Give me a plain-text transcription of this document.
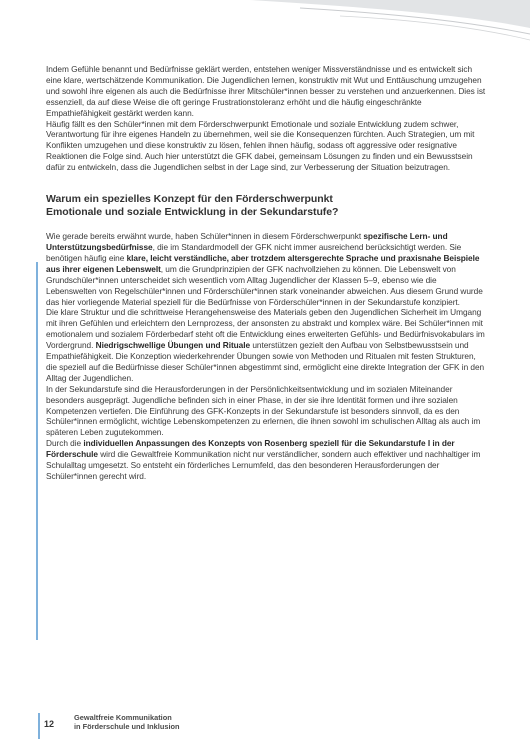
Indem Gefühle benannt und Bedürfnisse geklärt werden, entstehen weniger Missverständnisse und es entwickelt sich eine klare, wertschätzende Kommunikation. Die Jugendlichen lernen, konstruktiv mit Wut und Enttäuschung umzugehen und sowohl ihre eigenen als auch die Bedürfnisse ihrer Mitschüler*innen besser zu verstehen und anzuerkennen. Dies ist essenziell, da auf diese Weise die oft geringe Frustrationstoleranz erhöht und die häufig eingeschränkte Empathiefähigkeit gestärkt werden kann.

Häufig fällt es den Schüler*innen mit dem Förderschwerpunkt Emotionale und soziale Entwicklung zudem schwer, Verantwortung für ihre eigenes Handeln zu übernehmen, weil sie die Konsequenzen fürchten. Auch Strategien, um mit Konflikten umzugehen und diese konstruktiv zu lösen, fehlen ihnen häufig, sodass oft aggressive oder resignative Reaktionen die Folge sind. Auch hier unterstützt die GFK dabei, gemeinsam Lösungen zu finden und ein Bewusstsein dafür zu entwickeln, dass die Jugendlichen selbst in der Lage sind, zur Verbesserung der Situation beizutragen.

Warum ein spezielles Konzept für den Förderschwerpunkt
Emotionale und soziale Entwicklung in der Sekundarstufe?

Wie gerade bereits erwähnt wurde, haben Schüler*innen in diesem Förderschwerpunkt spezifische Lern- und Unterstützungsbedürfnisse, die im Standardmodell der GFK nicht immer ausreichend berücksichtigt werden. Sie benötigen häufig eine klare, leicht verständliche, aber trotzdem altersgerechte Sprache und praxisnahe Beispiele aus ihrer eigenen Lebenswelt, um die Grundprinzipien der GFK nachvollziehen zu können. Die Lebenswelt von Grundschüler*innen unterscheidet sich wesentlich vom Alltag Jugendlicher der Klassen 5–9, ebenso wie die Lebenswelten von Regelschüler*innen und Förderschüler*innen stark voneinander abweichen. Aus diesem Grund wurde das hier vorliegende Material speziell für die Bedürfnisse von Förderschüler*innen in der Sekundarstufe konzipiert.

Die klare Struktur und die schrittweise Herangehensweise des Materials geben den Jugendlichen Sicherheit im Umgang mit ihren Gefühlen und erleichtern den Lernprozess, der ansonsten zu abstrakt und komplex wäre. Bei Schüler*innen mit emotionalem und sozialem Förderbedarf steht oft die Entwicklung eines erweiterten Gefühls- und Bedürfnisvokabulars im Vordergrund. Niedrigschwellige Übungen und Rituale unterstützen gezielt den Aufbau von Selbstbewusstsein und Empathiefähigkeit. Die Konzeption wiederkehrender Übungen sowie von Methoden und Ritualen mit festen Strukturen, die speziell auf die Bedürfnisse dieser Schüler*innen abgestimmt sind, ermöglicht eine direkte Integration der GFK in den Alltag der Jugendlichen.

In der Sekundarstufe sind die Herausforderungen in der Persönlichkeitsentwicklung und im sozialen Miteinander besonders ausgeprägt. Jugendliche befinden sich in einer Phase, in der sie ihre Identität formen und ihre sozialen Kompetenzen vertiefen. Die Einführung des GFK-Konzepts in der Sekundarstufe ist besonders sinnvoll, da es den Schüler*innen ermöglicht, wichtige Lebenskompetenzen zu erlernen, die ihnen sowohl im schulischen Alltag als auch im späteren Leben zugutekommen.

Durch die individuellen Anpassungen des Konzepts von Rosenberg speziell für die Sekundarstufe I in der Förderschule wird die Gewaltfreie Kommunikation nicht nur verständlicher, sondern auch effektiver und nachhaltiger im Schulalltag umgesetzt. So entsteht ein förderliches Lernumfeld, das den besonderen Herausforderungen der Schüler*innen gerecht wird.

12
Gewaltfreie Kommunikation
in Förderschule und Inklusion
